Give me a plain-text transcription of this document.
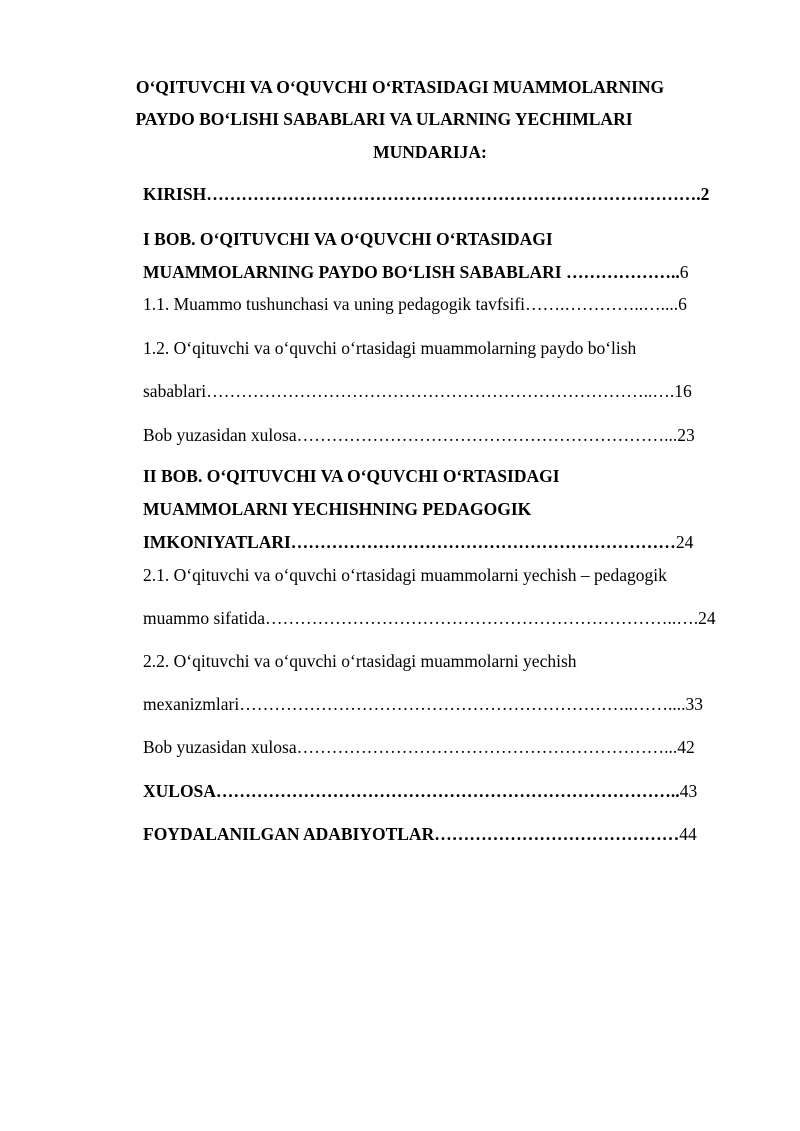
O‘QITUVCHI VA O‘QUVCHI O‘RTASIDAGI MUAMMOLARNING
PAYDO BO‘LISHI SABABLARI VA ULARNING YECHIMLARI
MUNDARIJA:
KIRISH………………………………………………………………………….2
I BOB. O‘QITUVCHI VA O‘QUVCHI O‘RTASIDAGI
MUAMMOLARNING PAYDO BO‘LISH SABABLARI ………………..6
1.1. Muammo tushunchasi va uning pedagogik tavfsifi…….…………..…....6
1.2. O‘qituvchi va o‘quvchi o‘rtasidagi muammolarning paydo bo‘lish
sabablari…………………………………………………………………..….16
Bob yuzasidan xulosa………………………………………………………...23
II BOB. O‘QITUVCHI VA O‘QUVCHI O‘RTASIDAGI
MUAMMOLARNI YECHISHNING PEDAGOGIK
IMKONIYATLARI…………………………………………………………24
2.1. O‘qituvchi va o‘quvchi o‘rtasidagi muammolarni yechish – pedagogik
muammo sifatida……………………………………………………………..….24
2.2. O‘qituvchi va o‘quvchi o‘rtasidagi muammolarni yechish
mexanizmlari…………………………………………………………..……....33
Bob yuzasidan xulosa………………………………………………………...42
XULOSA……………………………………………………………………..43
FOYDALANILGAN ADABIYOTLAR……………………………………44
